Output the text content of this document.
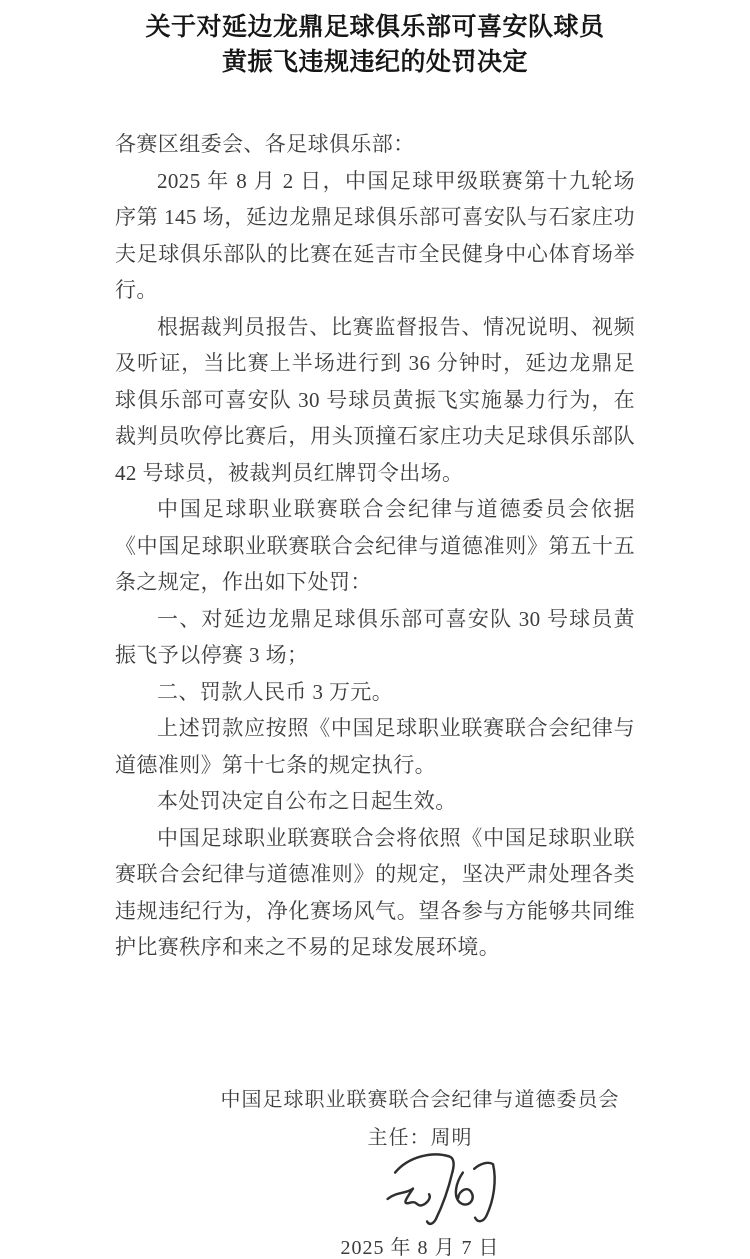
关于对延边龙鼎足球俱乐部可喜安队球员
黄振飞违规违纪的处罚决定

各赛区组委会、各足球俱乐部：

2025 年 8 月 2 日，中国足球甲级联赛第十九轮场序第 145 场，延边龙鼎足球俱乐部可喜安队与石家庄功夫足球俱乐部队的比赛在延吉市全民健身中心体育场举行。

根据裁判员报告、比赛监督报告、情况说明、视频及听证，当比赛上半场进行到 36 分钟时，延边龙鼎足球俱乐部可喜安队 30 号球员黄振飞实施暴力行为，在裁判员吹停比赛后，用头顶撞石家庄功夫足球俱乐部队 42 号球员，被裁判员红牌罚令出场。

中国足球职业联赛联合会纪律与道德委员会依据《中国足球职业联赛联合会纪律与道德准则》第五十五条之规定，作出如下处罚：

一、对延边龙鼎足球俱乐部可喜安队 30 号球员黄振飞予以停赛 3 场；

二、罚款人民币 3 万元。

上述罚款应按照《中国足球职业联赛联合会纪律与道德准则》第十七条的规定执行。

本处罚决定自公布之日起生效。

中国足球职业联赛联合会将依照《中国足球职业联赛联合会纪律与道德准则》的规定，坚决严肃处理各类违规违纪行为，净化赛场风气。望各参与方能够共同维护比赛秩序和来之不易的足球发展环境。

中国足球职业联赛联合会纪律与道德委员会
主任：周明
2025 年 8 月 7 日
